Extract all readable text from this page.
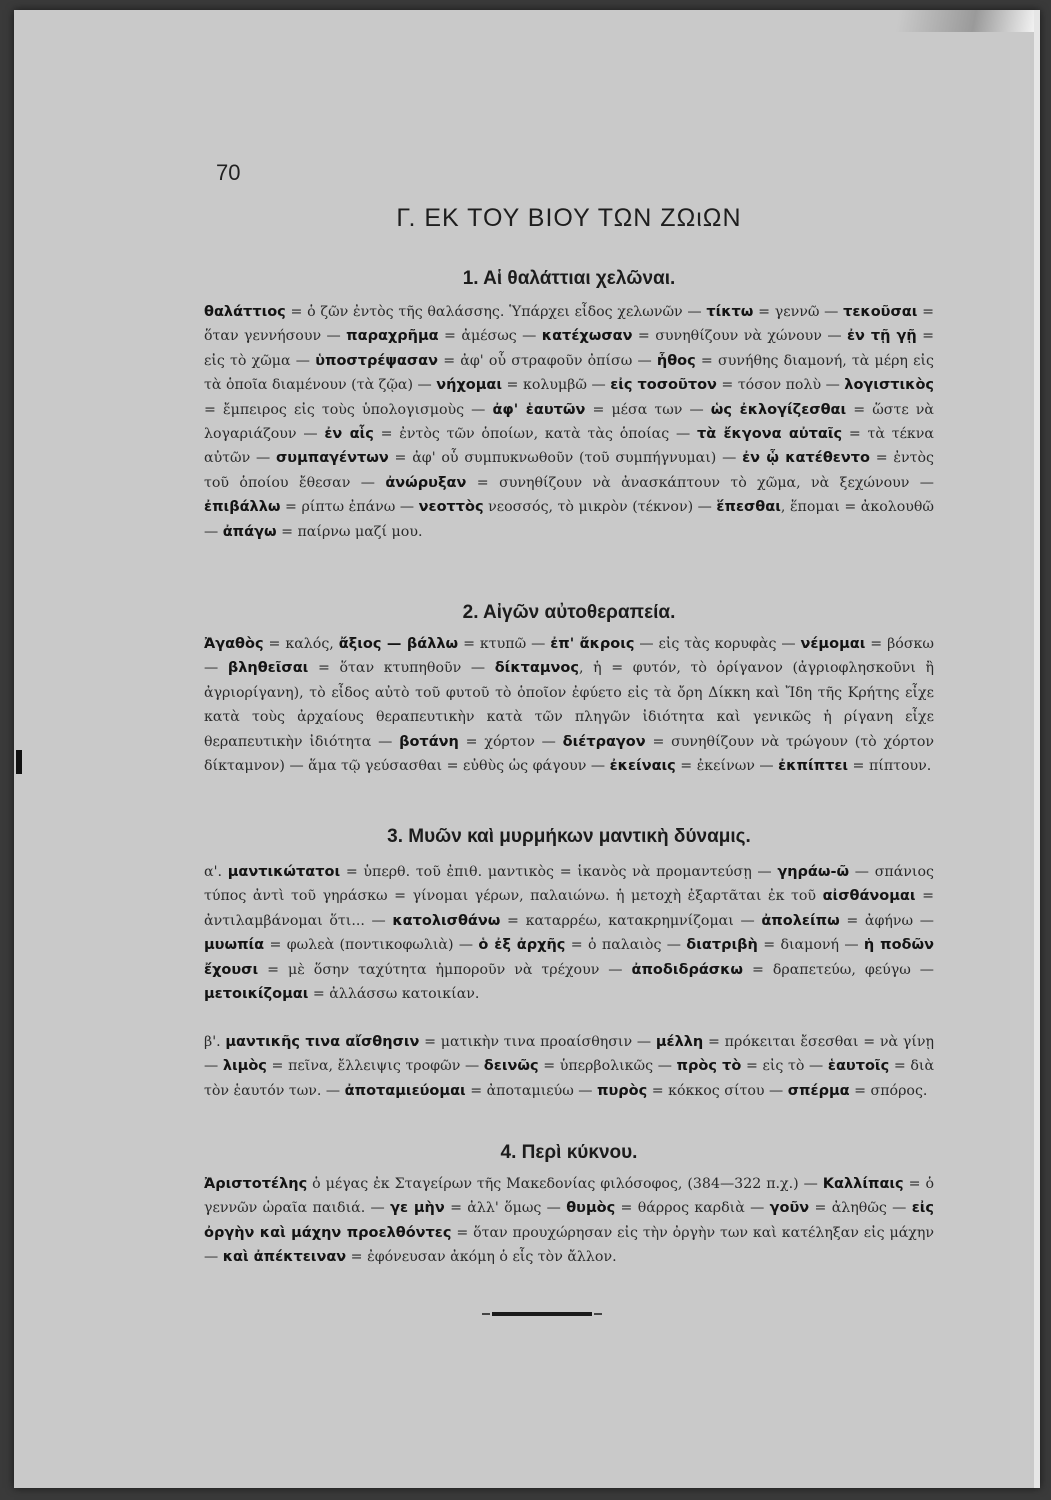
70
Γ. ΕΚ ΤΟΥ ΒΙΟΥ ΤΩΝ ΖΩιΩΝ
1. Αἱ θαλάττιαι χελῶναι.
θαλάττιος = ὁ ζῶν ἐντὸς τῆς θαλάσσης. Ὑπάρχει εἶδος χελωνῶν — τίκτω = γεννῶ — τεκοῦσαι = ὅταν γεννήσουν — παραχρῆμα = ἀμέσως — κατέχωσαν = συνηθίζουν νὰ χώνουν — ἐν τῇ γῇ = εἰς τὸ χῶμα — ὑποστρέψασαν = ἀφ' οὗ στραφοῦν ὀπίσω — ἦθος = συνήθης διαμονή, τὰ μέρη εἰς τὰ ὁποῖα διαμένουν (τὰ ζῷα) — νήχομαι = κολυμβῶ — εἰς τοσοῦτον = τόσον πολὺ — λογιστικὸς = ἔμπειρος εἰς τοὺς ὑπολογισμοὺς — ἀφ' ἑαυτῶν = μέσα των — ὡς ἐκλογίζεσθαι = ὥστε νὰ λογαριάζουν — ἐν αἷς = ἐντὸς τῶν ὁποίων, κατὰ τὰς ὁποίας — τὰ ἔκγονα αὐταῖς = τὰ τέκνα αὐτῶν — συμπαγέντων = ἀφ' οὗ συμπυκνωθοῦν (τοῦ συμπήγνυμαι) — ἐν ᾧ κατέθεντο = ἐντὸς τοῦ ὁποίου ἔθεσαν — ἀνώρυξαν = συνηθίζουν νὰ ἀνασκάπτουν τὸ χῶμα, νὰ ξεχώνουν — ἐπιβάλλω = ρίπτω ἐπάνω — νεοττὸς νεοσσός, τὸ μικρὸν (τέκνον) — ἕπεσθαι, ἕπομαι = ἀκολουθῶ — ἀπάγω = παίρνω μαζί μου.
2. Αἰγῶν αὐτοθεραπεία.
Ἀγαθὸς = καλός, ἄξιος — βάλλω = κτυπῶ — ἐπ' ἄκροις — εἰς τὰς κορυφὰς — νέμομαι = βόσκω — βληθεῖσαι = ὅταν κτυπηθοῦν — δίκταμνος, ἡ = φυτόν, τὸ ὀρίγανον (ἀγριοφλησκοῦνι ἢ ἀγριορίγανη), τὸ εἶδος αὐτὸ τοῦ φυτοῦ τὸ ὁποῖον ἐφύετο εἰς τὰ ὄρη Δίκκη καὶ Ἴδη τῆς Κρήτης εἶχε κατὰ τοὺς ἀρχαίους θεραπευτικὴν κατὰ τῶν πληγῶν ἰδιότητα καὶ γενικῶς ἡ ρίγανη εἶχε θεραπευτικὴν ἰδιότητα — βοτάνη = χόρτον — διέτραγον = συνηθίζουν νὰ τρώγουν (τὸ χόρτον δίκταμνον) — ἅμα τῷ γεύσασθαι = εὐθὺς ὡς φάγουν — ἐκείναις = ἐκείνων — ἐκπίπτει = πίπτουν.
3. Μυῶν καὶ μυρμήκων μαντικὴ δύναμις.
α'. μαντικώτατοι = ὑπερθ. τοῦ ἐπιθ. μαντικὸς = ἱκανὸς νὰ προμαντεύσῃ — γηράω-ῶ — σπάνιος τύπος ἀντὶ τοῦ γηράσκω = γίνομαι γέρων, παλαιώνω. ἡ μετοχὴ ἐξαρτᾶται ἐκ τοῦ αἰσθάνομαι = ἀντιλαμβάνομαι ὅτι... — κατολισθάνω = καταρρέω, κατακρημνίζομαι — ἀπολείπω = ἀφήνω — μυωπία = φωλεὰ (ποντικοφωλιὰ) — ὁ ἐξ ἀρχῆς = ὁ παλαιὸς — διατριβὴ = διαμονή — ἡ ποδῶν ἔχουσι = μὲ ὅσην ταχύτητα ἠμποροῦν νὰ τρέχουν — ἀποδιδράσκω = δραπετεύω, φεύγω — μετοικίζομαι = ἀλλάσσω κατοικίαν.
β'. μαντικῆς τινα αἴσθησιν = ματικὴν τινα προαίσθησιν — μέλλη = πρόκειται ἔσεσθαι = νὰ γίνῃ — λιμὸς = πεῖνα, ἔλλειψις τροφῶν — δεινῶς = ὑπερβολικῶς — πρὸς τὸ = εἰς τὸ — ἑαυτοῖς = διὰ τὸν ἑαυτόν των. — ἀποταμιεύομαι = ἀποταμιεύω — πυρὸς = κόκκος σίτου — σπέρμα = σπόρος.
4. Περὶ κύκνου.
Ἀριστοτέλης ὁ μέγας ἐκ Σταγείρων τῆς Μακεδονίας φιλόσοφος, (384—322 π.χ.) — Καλλίπαις = ὁ γεννῶν ὡραῖα παιδιά. — γε μὴν = ἀλλ' ὅμως — θυμὸς = θάρρος καρδιὰ — γοῦν = ἀληθῶς — εἰς ὀργὴν καὶ μάχην προελθόντες = ὅταν προυχώρησαν εἰς τὴν ὀργὴν των καὶ κατέληξαν εἰς μάχην — καὶ ἀπέκτειναν = ἐφόνευσαν ἀκόμη ὁ εἷς τὸν ἄλλον.
